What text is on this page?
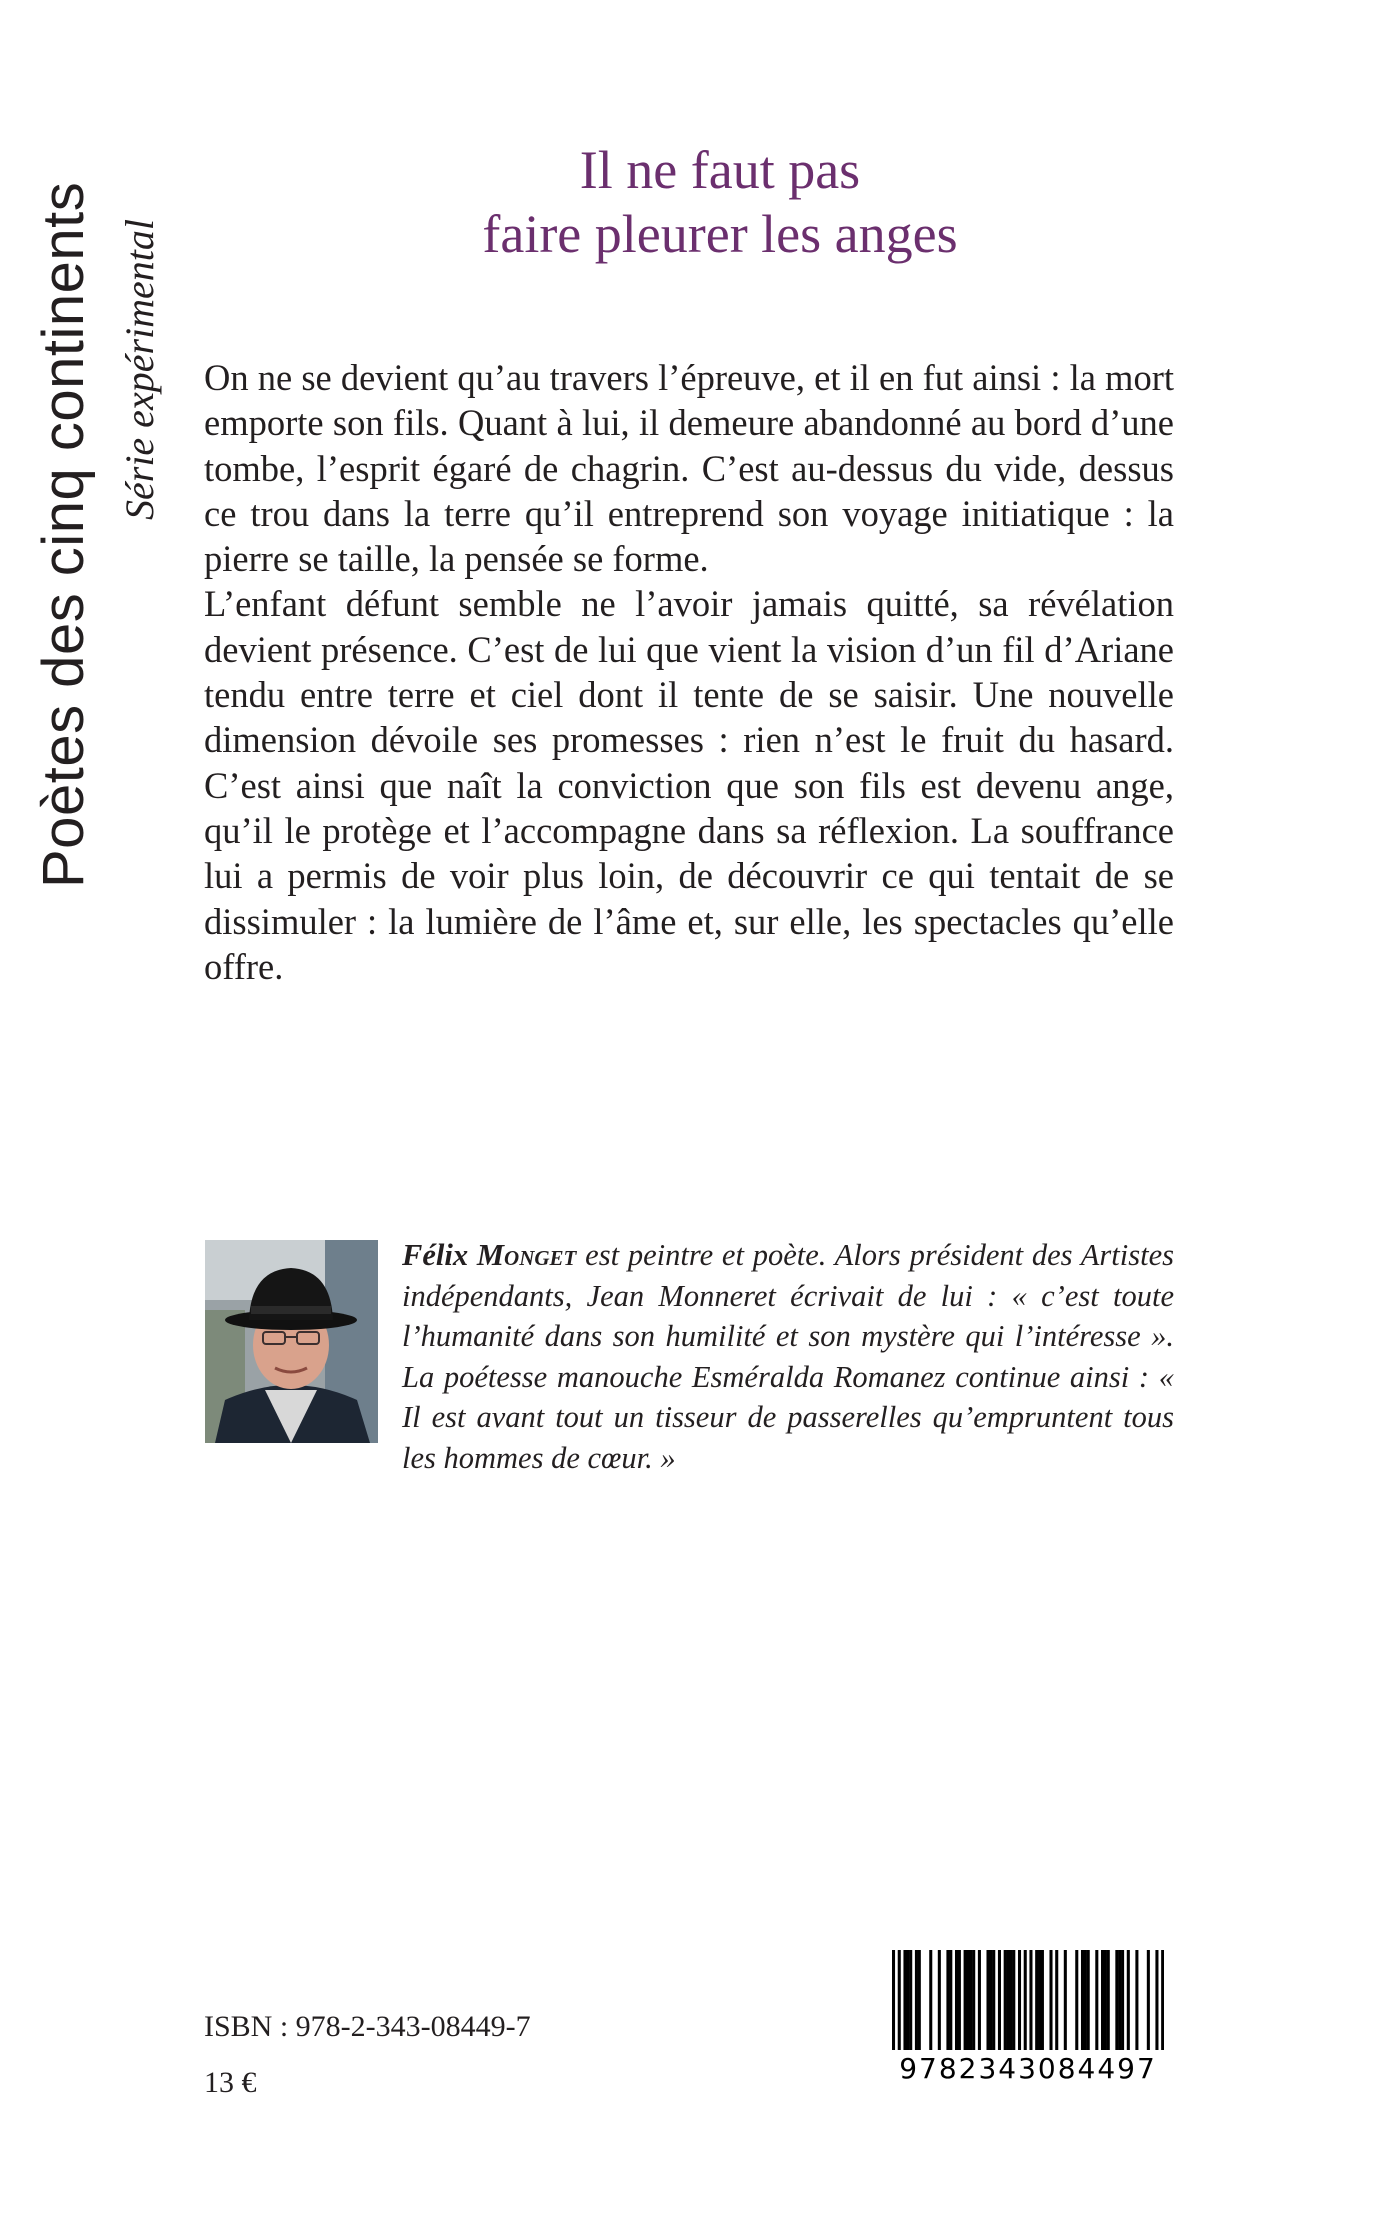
Poètes des cinq continents Série expérimental
Il ne faut pas
faire pleurer les anges

On ne se devient qu’au travers l’épreuve, et il en fut ainsi : la mort emporte son fils. Quant à lui, il demeure abandonné au bord d’une tombe, l’esprit égaré de chagrin. C’est au-dessus du vide, dessus ce trou dans la terre qu’il entreprend son voyage initiatique : la pierre se taille, la pensée se forme.

L’enfant défunt semble ne l’avoir jamais quitté, sa révélation devient présence. C’est de lui que vient la vision d’un fil d’Ariane tendu entre terre et ciel dont il tente de se saisir. Une nouvelle dimension dévoile ses promesses : rien n’est le fruit du hasard. C’est ainsi que naît la conviction que son fils est devenu ange, qu’il le protège et l’accompagne dans sa réflexion. La souffrance lui a permis de voir plus loin, de découvrir ce qui tentait de se dissimuler : la lumière de l’âme et, sur elle, les spectacles qu’elle offre.

Félix Monget est peintre et poète. Alors président des Artistes indépendants, Jean Monneret écrivait de lui : « c’est toute l’humanité dans son humilité et son mystère qui l’intéresse ». La poétesse manouche Esméralda Romanez continue ainsi : « Il est avant tout un tisseur de passerelles qu’empruntent tous les hommes de cœur. »

ISBN : 978-2-343-08449-7
13 €	9782343084497
